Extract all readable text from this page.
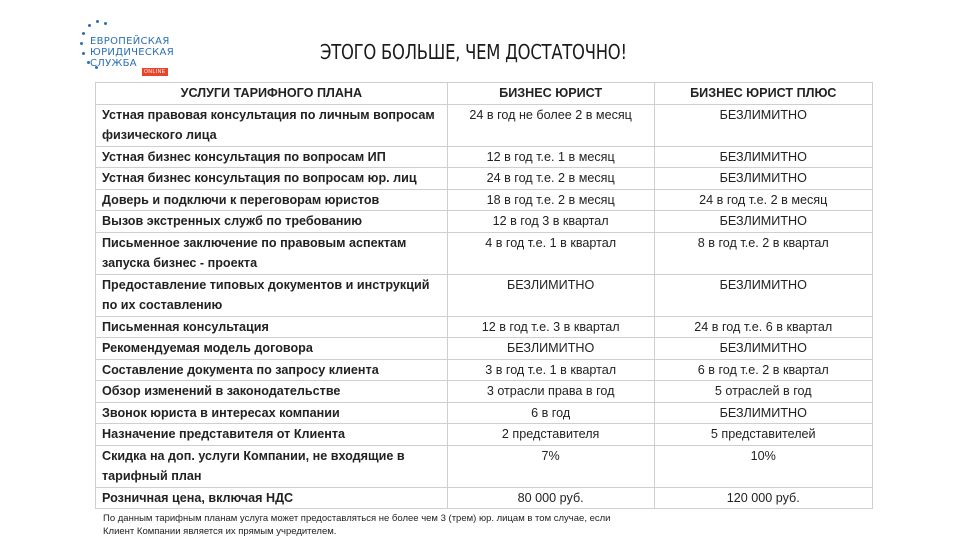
ЕВРОПЕЙСКАЯ
ЮРИДИЧЕСКАЯ
СЛУЖБА
ONLINE
ЭТОГО БОЛЬШЕ, ЧЕМ ДОСТАТОЧНО!
УСЛУГИ ТАРИФНОГО ПЛАНА	БИЗНЕС ЮРИСТ	БИЗНЕС ЮРИСТ ПЛЮС
Устная правовая консультация по личным вопросам физического лица	24 в год не более 2 в месяц	БЕЗЛИМИТНО
Устная бизнес консультация по вопросам ИП	12 в год т.е. 1 в месяц	БЕЗЛИМИТНО
Устная бизнес консультация по вопросам юр. лиц	24 в год т.е. 2 в месяц	БЕЗЛИМИТНО
Доверь и подключи к переговорам юристов	18 в год т.е. 2 в месяц	24 в год т.е. 2 в месяц
Вызов экстренных служб по требованию	12 в год 3 в квартал	БЕЗЛИМИТНО
Письменное заключение по правовым аспектам запуска бизнес - проекта	4 в год т.е. 1 в квартал	8 в год т.е. 2 в квартал
Предоставление типовых документов и инструкций по их составлению	БЕЗЛИМИТНО	БЕЗЛИМИТНО
Письменная консультация	12 в год т.е. 3 в квартал	24 в год т.е. 6 в квартал
Рекомендуемая модель договора	БЕЗЛИМИТНО	БЕЗЛИМИТНО
Составление документа по запросу клиента	3 в год т.е. 1 в квартал	6 в год т.е. 2 в квартал
Обзор изменений в законодательстве	3 отрасли права в год	5 отраслей в год
Звонок юриста в интересах компании	6 в год	БЕЗЛИМИТНО
Назначение представителя от Клиента	2 представителя	5 представителей
Скидка на доп. услуги Компании, не входящие в тарифный план	7%	10%
Розничная цена, включая НДС	80 000 руб.	120 000 руб.
По данным тарифным планам услуга может предоставляться не более чем 3 (трем) юр. лицам в том случае, если Клиент Компании является их прямым учредителем.
